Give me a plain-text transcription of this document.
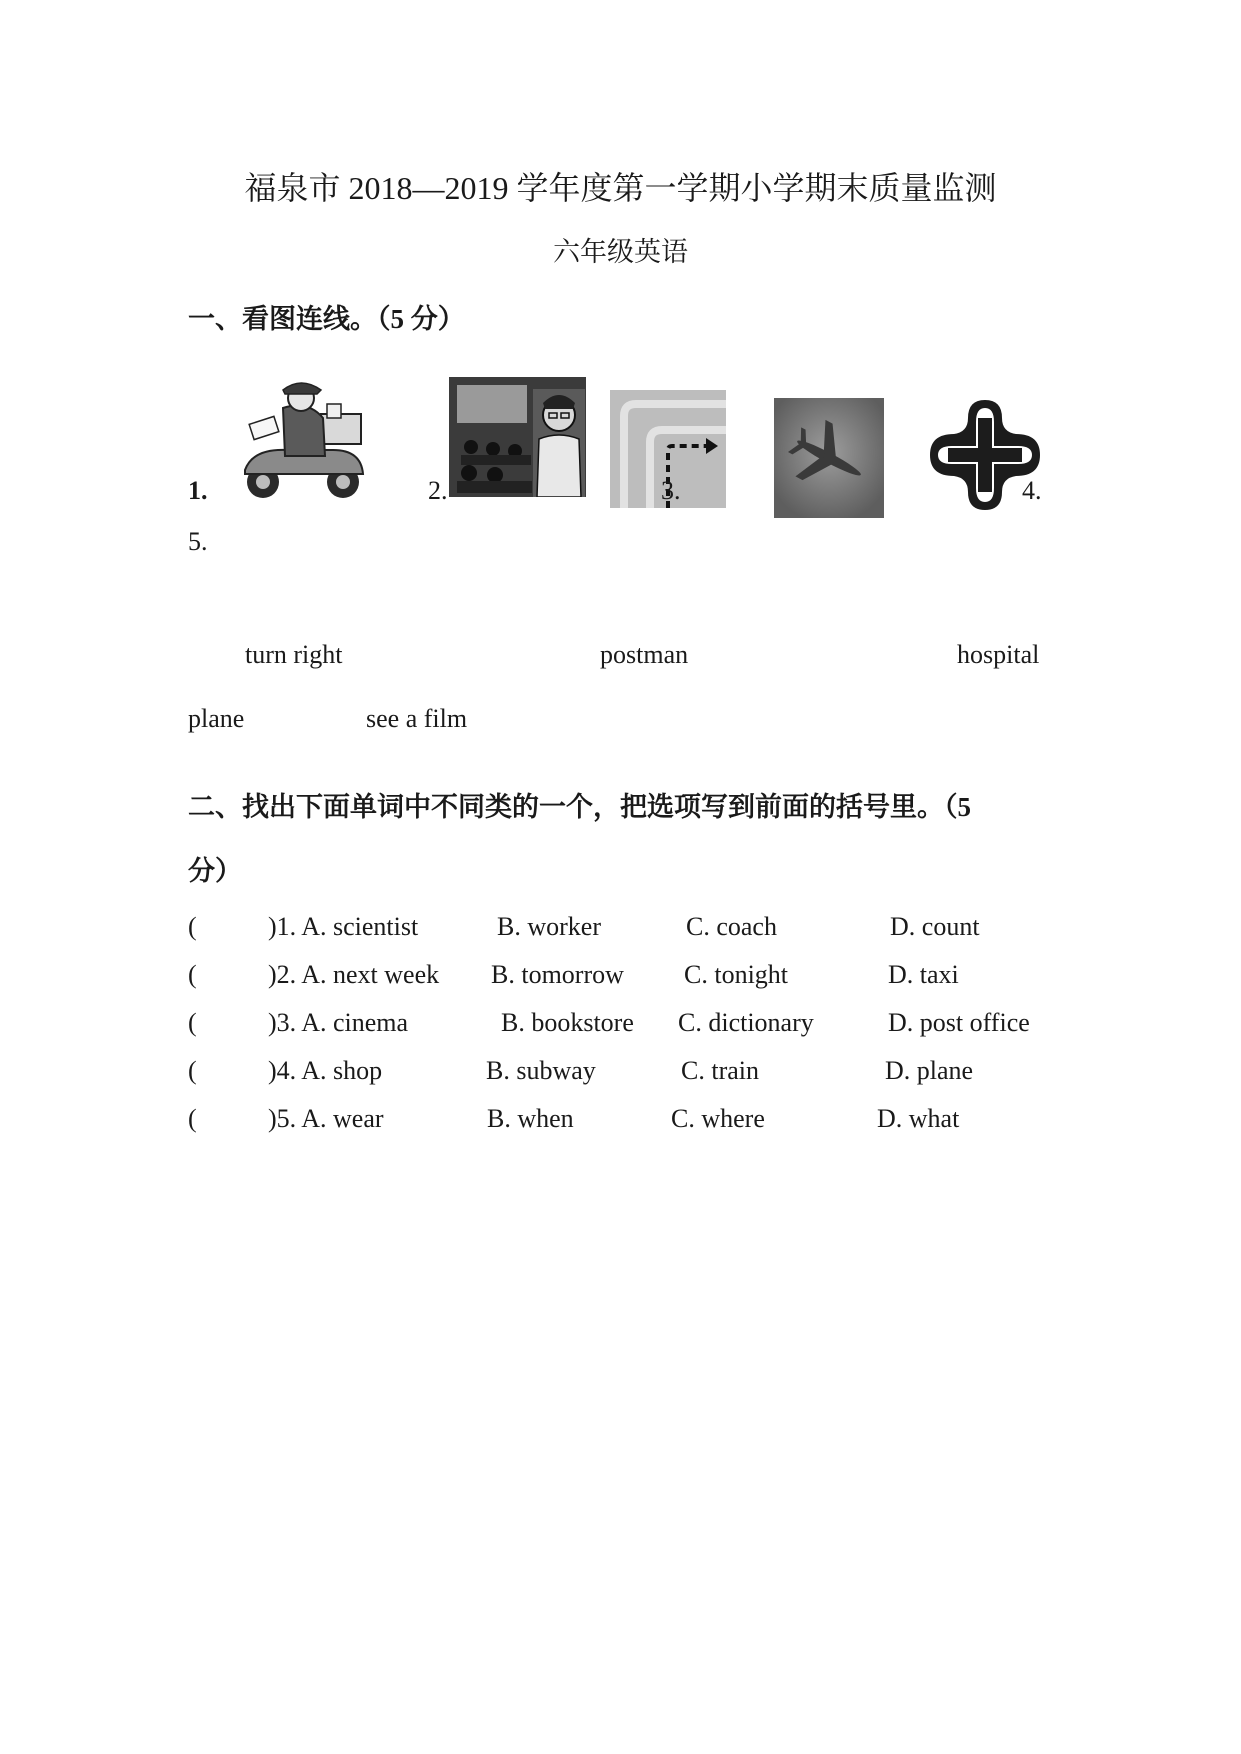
福泉市 2018—2019 学年度第一学期小学期末质量监测
六年级英语
一、看图连线。（5 分）
1.	2.	3.	4.
5.
turn right	postman	hospital
plane	see a film
二、找出下面单词中不同类的一个，把选项写到前面的括号里。（5
分）
(	)1. A. scientist	B. worker	C. coach	D. count
(	)2. A. next week B. tomorrow C. tonight	D. taxi
(	)3. A. cinema	B. bookstore C. dictionary	D. post office
(	)4. A. shop	B. subway	C. train	D. plane
(	)5. A. wear	B. when	C. where	D. what
